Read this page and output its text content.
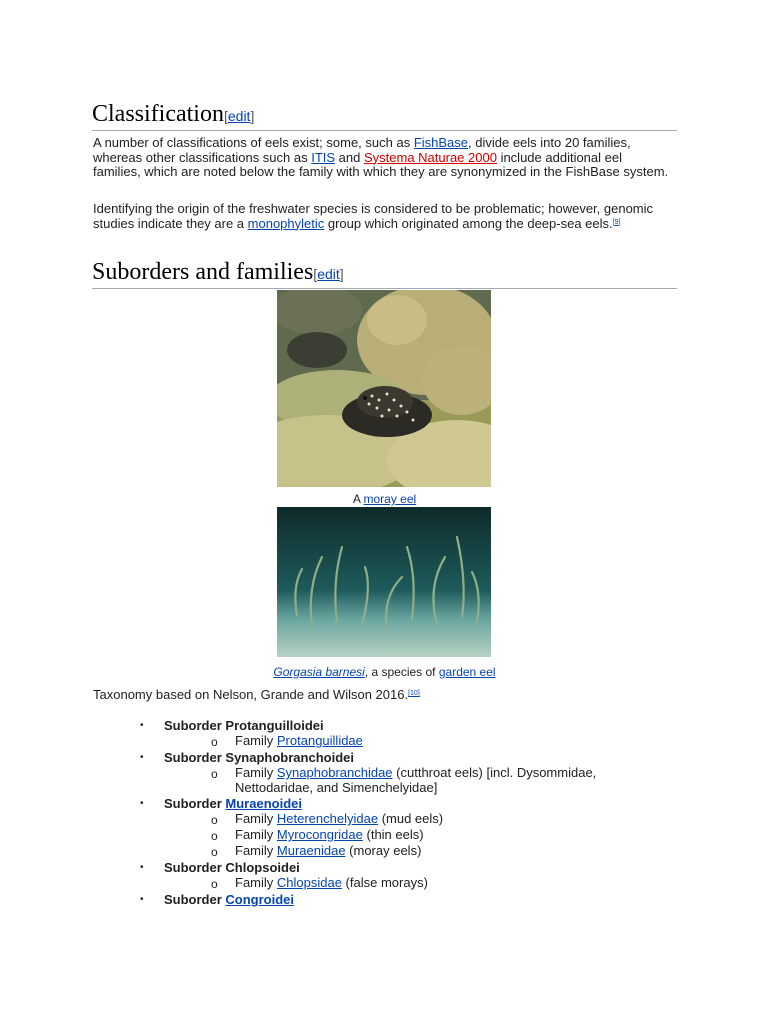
Classification[edit]

A number of classifications of eels exist; some, such as FishBase, divide eels into 20 families, whereas other classifications such as ITIS and Systema Naturae 2000 include additional eel families, which are noted below the family with which they are synonymized in the FishBase system.

Identifying the origin of the freshwater species is considered to be problematic; however, genomic studies indicate they are a monophyletic group which originated among the deep-sea eels.[9]

Suborders and families[edit]
A moray eel
Gorgasia barnesi, a species of garden eel

Taxonomy based on Nelson, Grande and Wilson 2016.[10]

• Suborder Protanguilloidei
o Family Protanguillidae
• Suborder Synaphobranchoidei
o Family Synaphobranchidae (cutthroat eels) [incl. Dysommidae, Nettodaridae, and Simenchelyidae]
• Suborder Muraenoidei
o Family Heterenchelyidae (mud eels)
o Family Myrocongridae (thin eels)
o Family Muraenidae (moray eels)
• Suborder Chlopsoidei
o Family Chlopsidae (false morays)
• Suborder Congroidei
